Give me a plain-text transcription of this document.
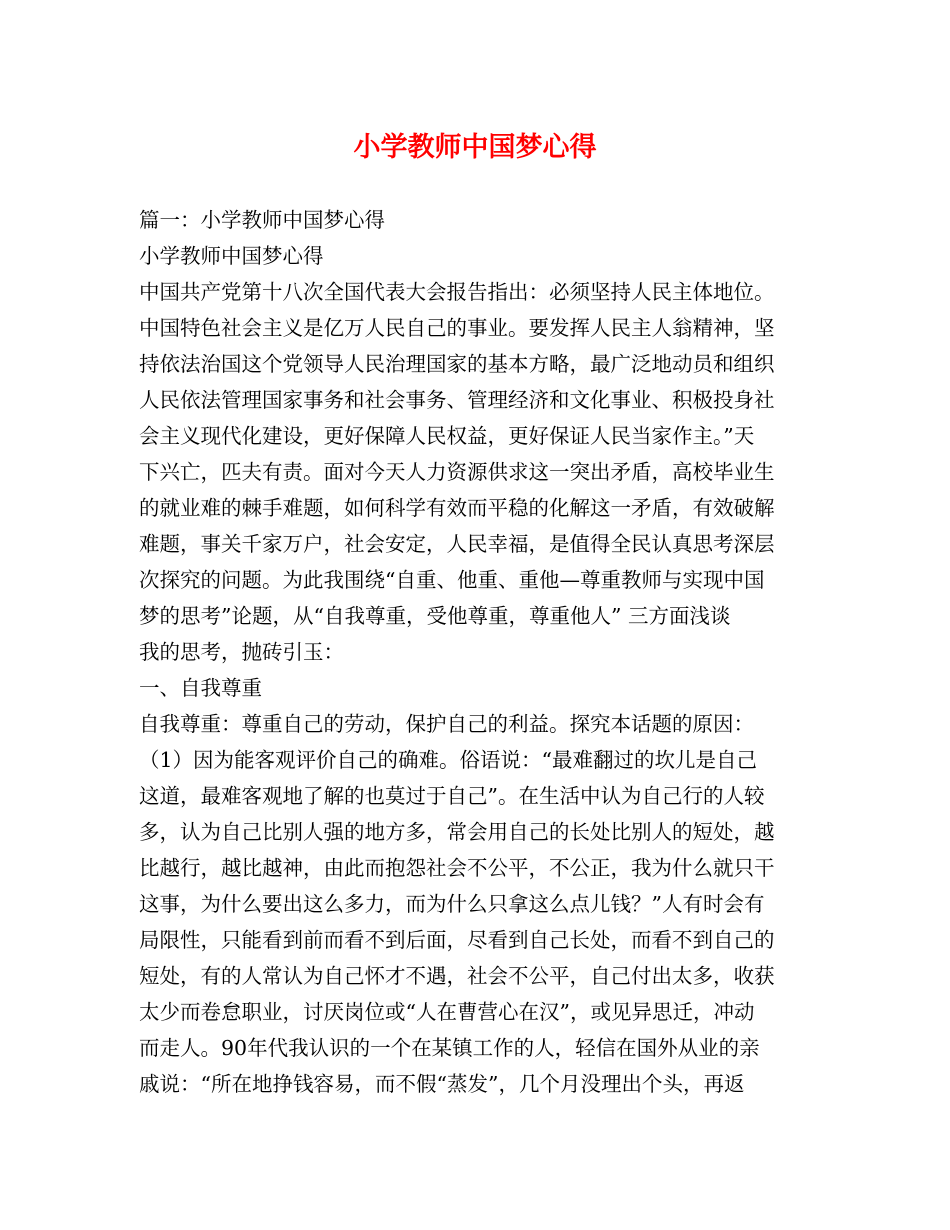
小学教师中国梦心得
篇一：小学教师中国梦心得
小学教师中国梦心得
中国共产党第十八次全国代表大会报告指出：必须坚持人民主体地位。
中国特色社会主义是亿万人民自己的事业。要发挥人民主人翁精神，坚
持依法治国这个党领导人民治理国家的基本方略，最广泛地动员和组织
人民依法管理国家事务和社会事务、管理经济和文化事业、积极投身社
会主义现代化建设，更好保障人民权益，更好保证人民当家作主。”天
下兴亡，匹夫有责。面对今天人力资源供求这一突出矛盾，高校毕业生
的就业难的棘手难题，如何科学有效而平稳的化解这一矛盾，有效破解
难题，事关千家万户，社会安定，人民幸福，是值得全民认真思考深层
次探究的问题。为此我围绕“自重、他重、重他—尊重教师与实现中国
梦的思考”论题，从“自我尊重，受他尊重，尊重他人” 三方面浅谈
我的思考，抛砖引玉：
一、自我尊重
自我尊重：尊重自己的劳动，保护自己的利益。探究本话题的原因：
（1）因为能客观评价自己的确难。俗语说：“最难翻过的坎儿是自己
这道，最难客观地了解的也莫过于自己”。在生活中认为自己行的人较
多，认为自己比别人强的地方多，常会用自己的长处比别人的短处，越
比越行，越比越神，由此而抱怨社会不公平，不公正，我为什么就只干
这事，为什么要出这么多力，而为什么只拿这么点儿钱？”人有时会有
局限性，只能看到前而看不到后面，尽看到自己长处，而看不到自己的
短处，有的人常认为自己怀才不遇，社会不公平，自己付出太多，收获
太少而卷怠职业，讨厌岗位或“人在曹营心在汉”，或见异思迁，冲动
而走人。90年代我认识的一个在某镇工作的人，轻信在国外从业的亲
戚说：“所在地挣钱容易，而不假“蒸发”，几个月没理出个头，再返
